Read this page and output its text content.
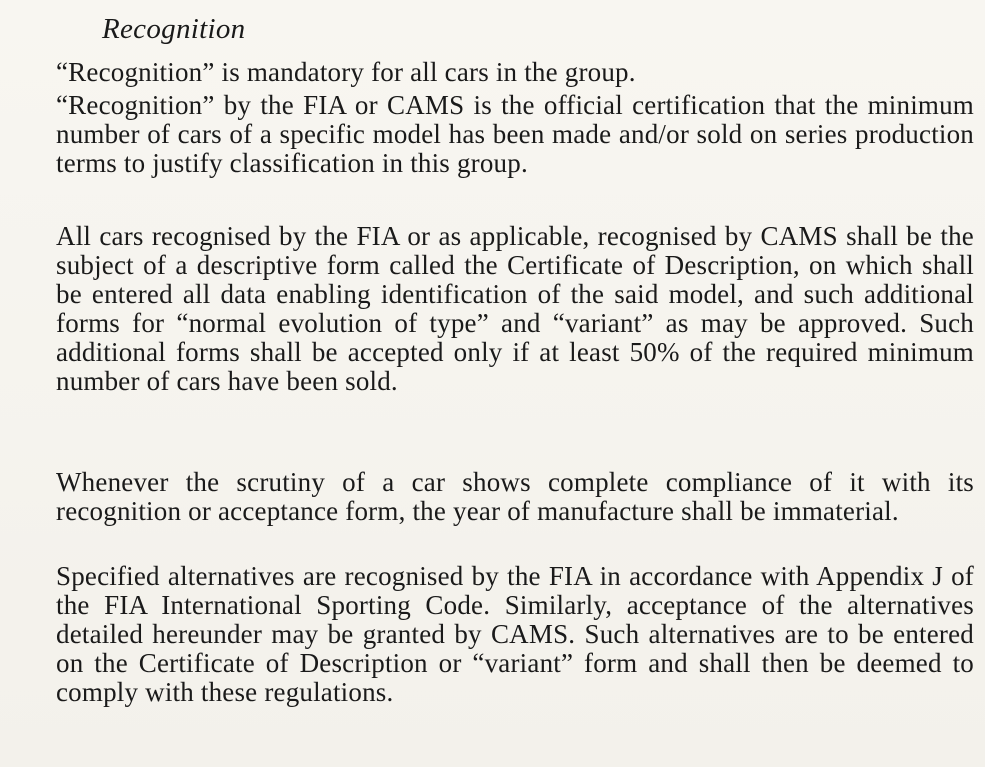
Recognition

“Recognition” is mandatory for all cars in the group.

“Recognition” by the FIA or CAMS is the official certification that the minimum number of cars of a specific model has been made and/or sold on series production terms to justify classification in this group.

All cars recognised by the FIA or as applicable, recognised by CAMS shall be the subject of a descriptive form called the Certificate of Description, on which shall be entered all data enabling identification of the said model, and such additional forms for “normal evolution of type” and “variant” as may be approved. Such additional forms shall be accepted only if at least 50% of the required minimum number of cars have been sold.

Whenever the scrutiny of a car shows complete compliance of it with its recognition or acceptance form, the year of manufacture shall be immaterial.

Specified alternatives are recognised by the FIA in accordance with Appendix J of the FIA International Sporting Code. Similarly, acceptance of the alternatives detailed hereunder may be granted by CAMS. Such alternatives are to be entered on the Certificate of Description or “variant” form and shall then be deemed to comply with these regulations.
